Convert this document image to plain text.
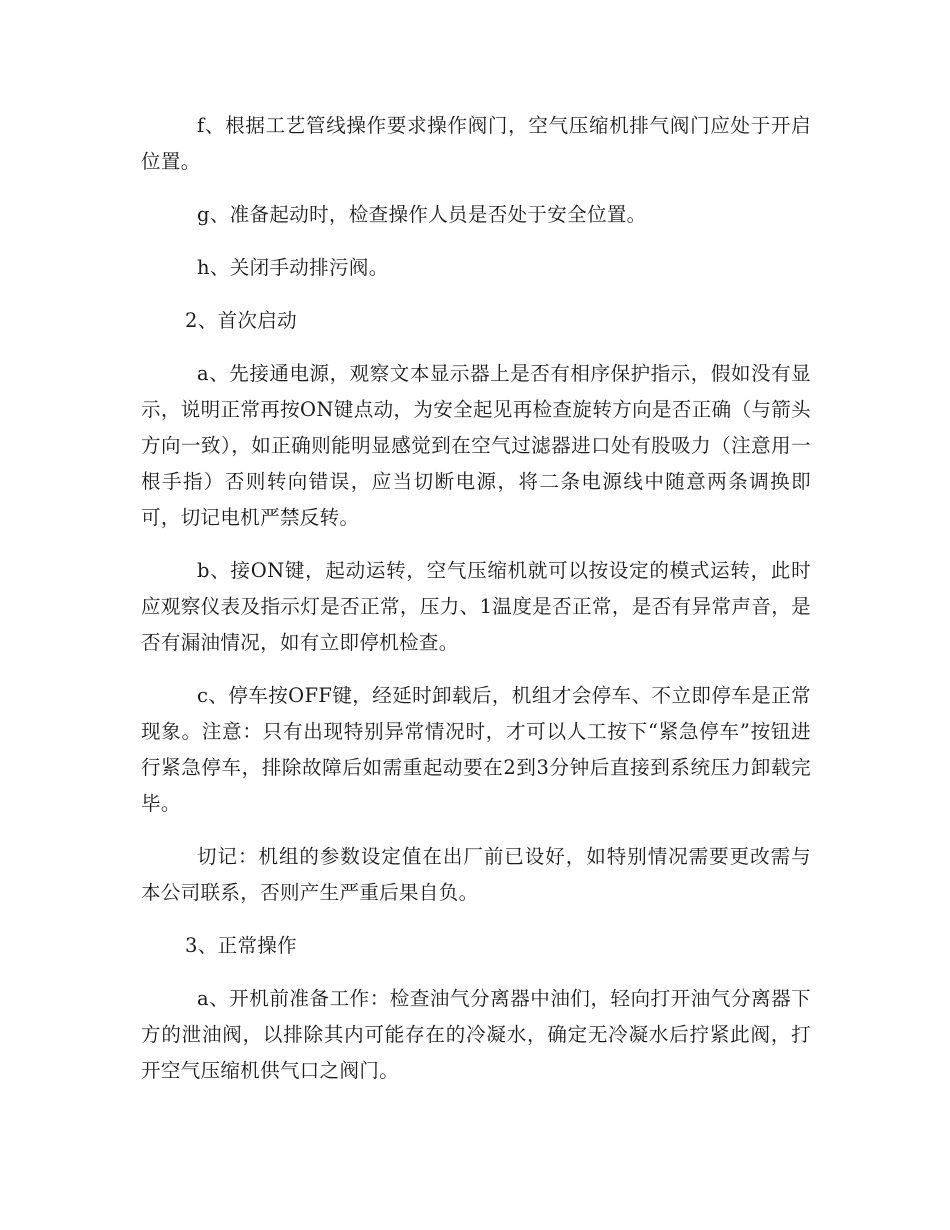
f、根据工艺管线操作要求操作阀门，空气压缩机排气阀门应处于开启位置。

g、准备起动时，检查操作人员是否处于安全位置。

h、关闭手动排污阀。

2、首次启动

a、先接通电源，观察文本显示器上是否有相序保护指示，假如没有显示，说明正常再按ON键点动，为安全起见再检查旋转方向是否正确（与箭头方向一致），如正确则能明显感觉到在空气过滤器进口处有股吸力（注意用一根手指）否则转向错误，应当切断电源，将二条电源线中随意两条调换即可，切记电机严禁反转。

b、接ON键，起动运转，空气压缩机就可以按设定的模式运转，此时应观察仪表及指示灯是否正常，压力、1温度是否正常，是否有异常声音，是否有漏油情况，如有立即停机检查。

c、停车按OFF键，经延时卸载后，机组才会停车、不立即停车是正常现象。注意：只有出现特别异常情况时，才可以人工按下“紧急停车”按钮进行紧急停车，排除故障后如需重起动要在2到3分钟后直接到系统压力卸载完毕。

切记：机组的参数设定值在出厂前已设好，如特别情况需要更改需与本公司联系，否则产生严重后果自负。

3、正常操作

a、开机前准备工作：检查油气分离器中油们，轻向打开油气分离器下方的泄油阀，以排除其内可能存在的冷凝水，确定无冷凝水后拧紧此阀，打开空气压缩机供气口之阀门。
